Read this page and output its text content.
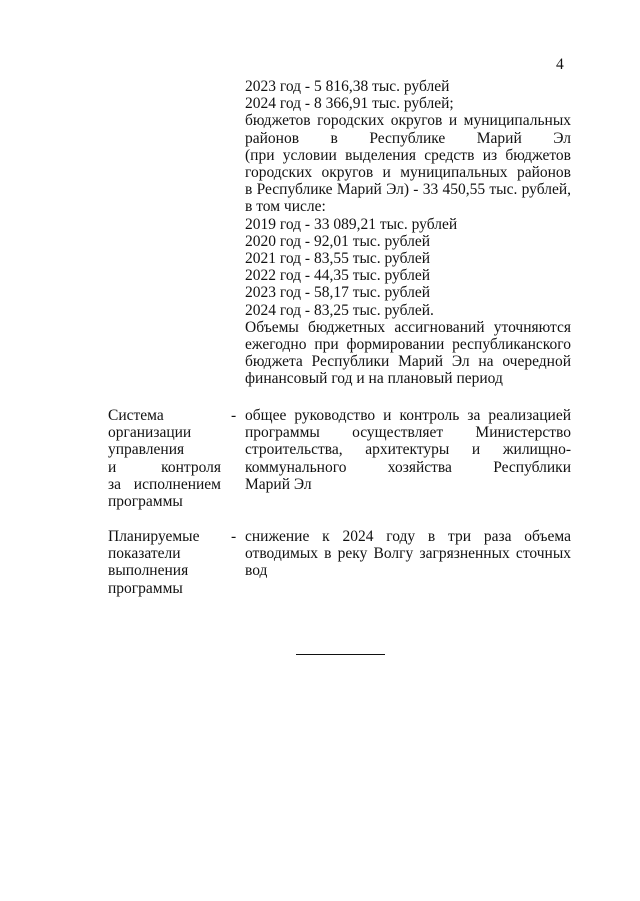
4
2023 год - 5 816,38 тыс. рублей
2024 год - 8 366,91 тыс. рублей;
бюджетов городских округов и муниципальных
районов в Республике Марий Эл
(при условии выделения средств из бюджетов
городских округов и муниципальных районов
в Республике Марий Эл) - 33 450,55 тыс. рублей,
в том числе:
2019 год - 33 089,21 тыс. рублей
2020 год - 92,01 тыс. рублей
2021 год - 83,55 тыс. рублей
2022 год - 44,35 тыс. рублей
2023 год - 58,17 тыс. рублей
2024 год - 83,25 тыс. рублей.
Объемы бюджетных ассигнований уточняются
ежегодно при формировании республиканского
бюджета Республики Марий Эл на очередной
финансовый год и на плановый период
Система
организации
управления
и контроля
за исполнением
программы
- общее руководство и контроль за реализацией
программы осуществляет Министерство
строительства, архитектуры и жилищно-
коммунального хозяйства Республики
Марий Эл
Планируемые
показатели
выполнения
программы
- снижение к 2024 году в три раза объема
отводимых в реку Волгу загрязненных сточных
вод
